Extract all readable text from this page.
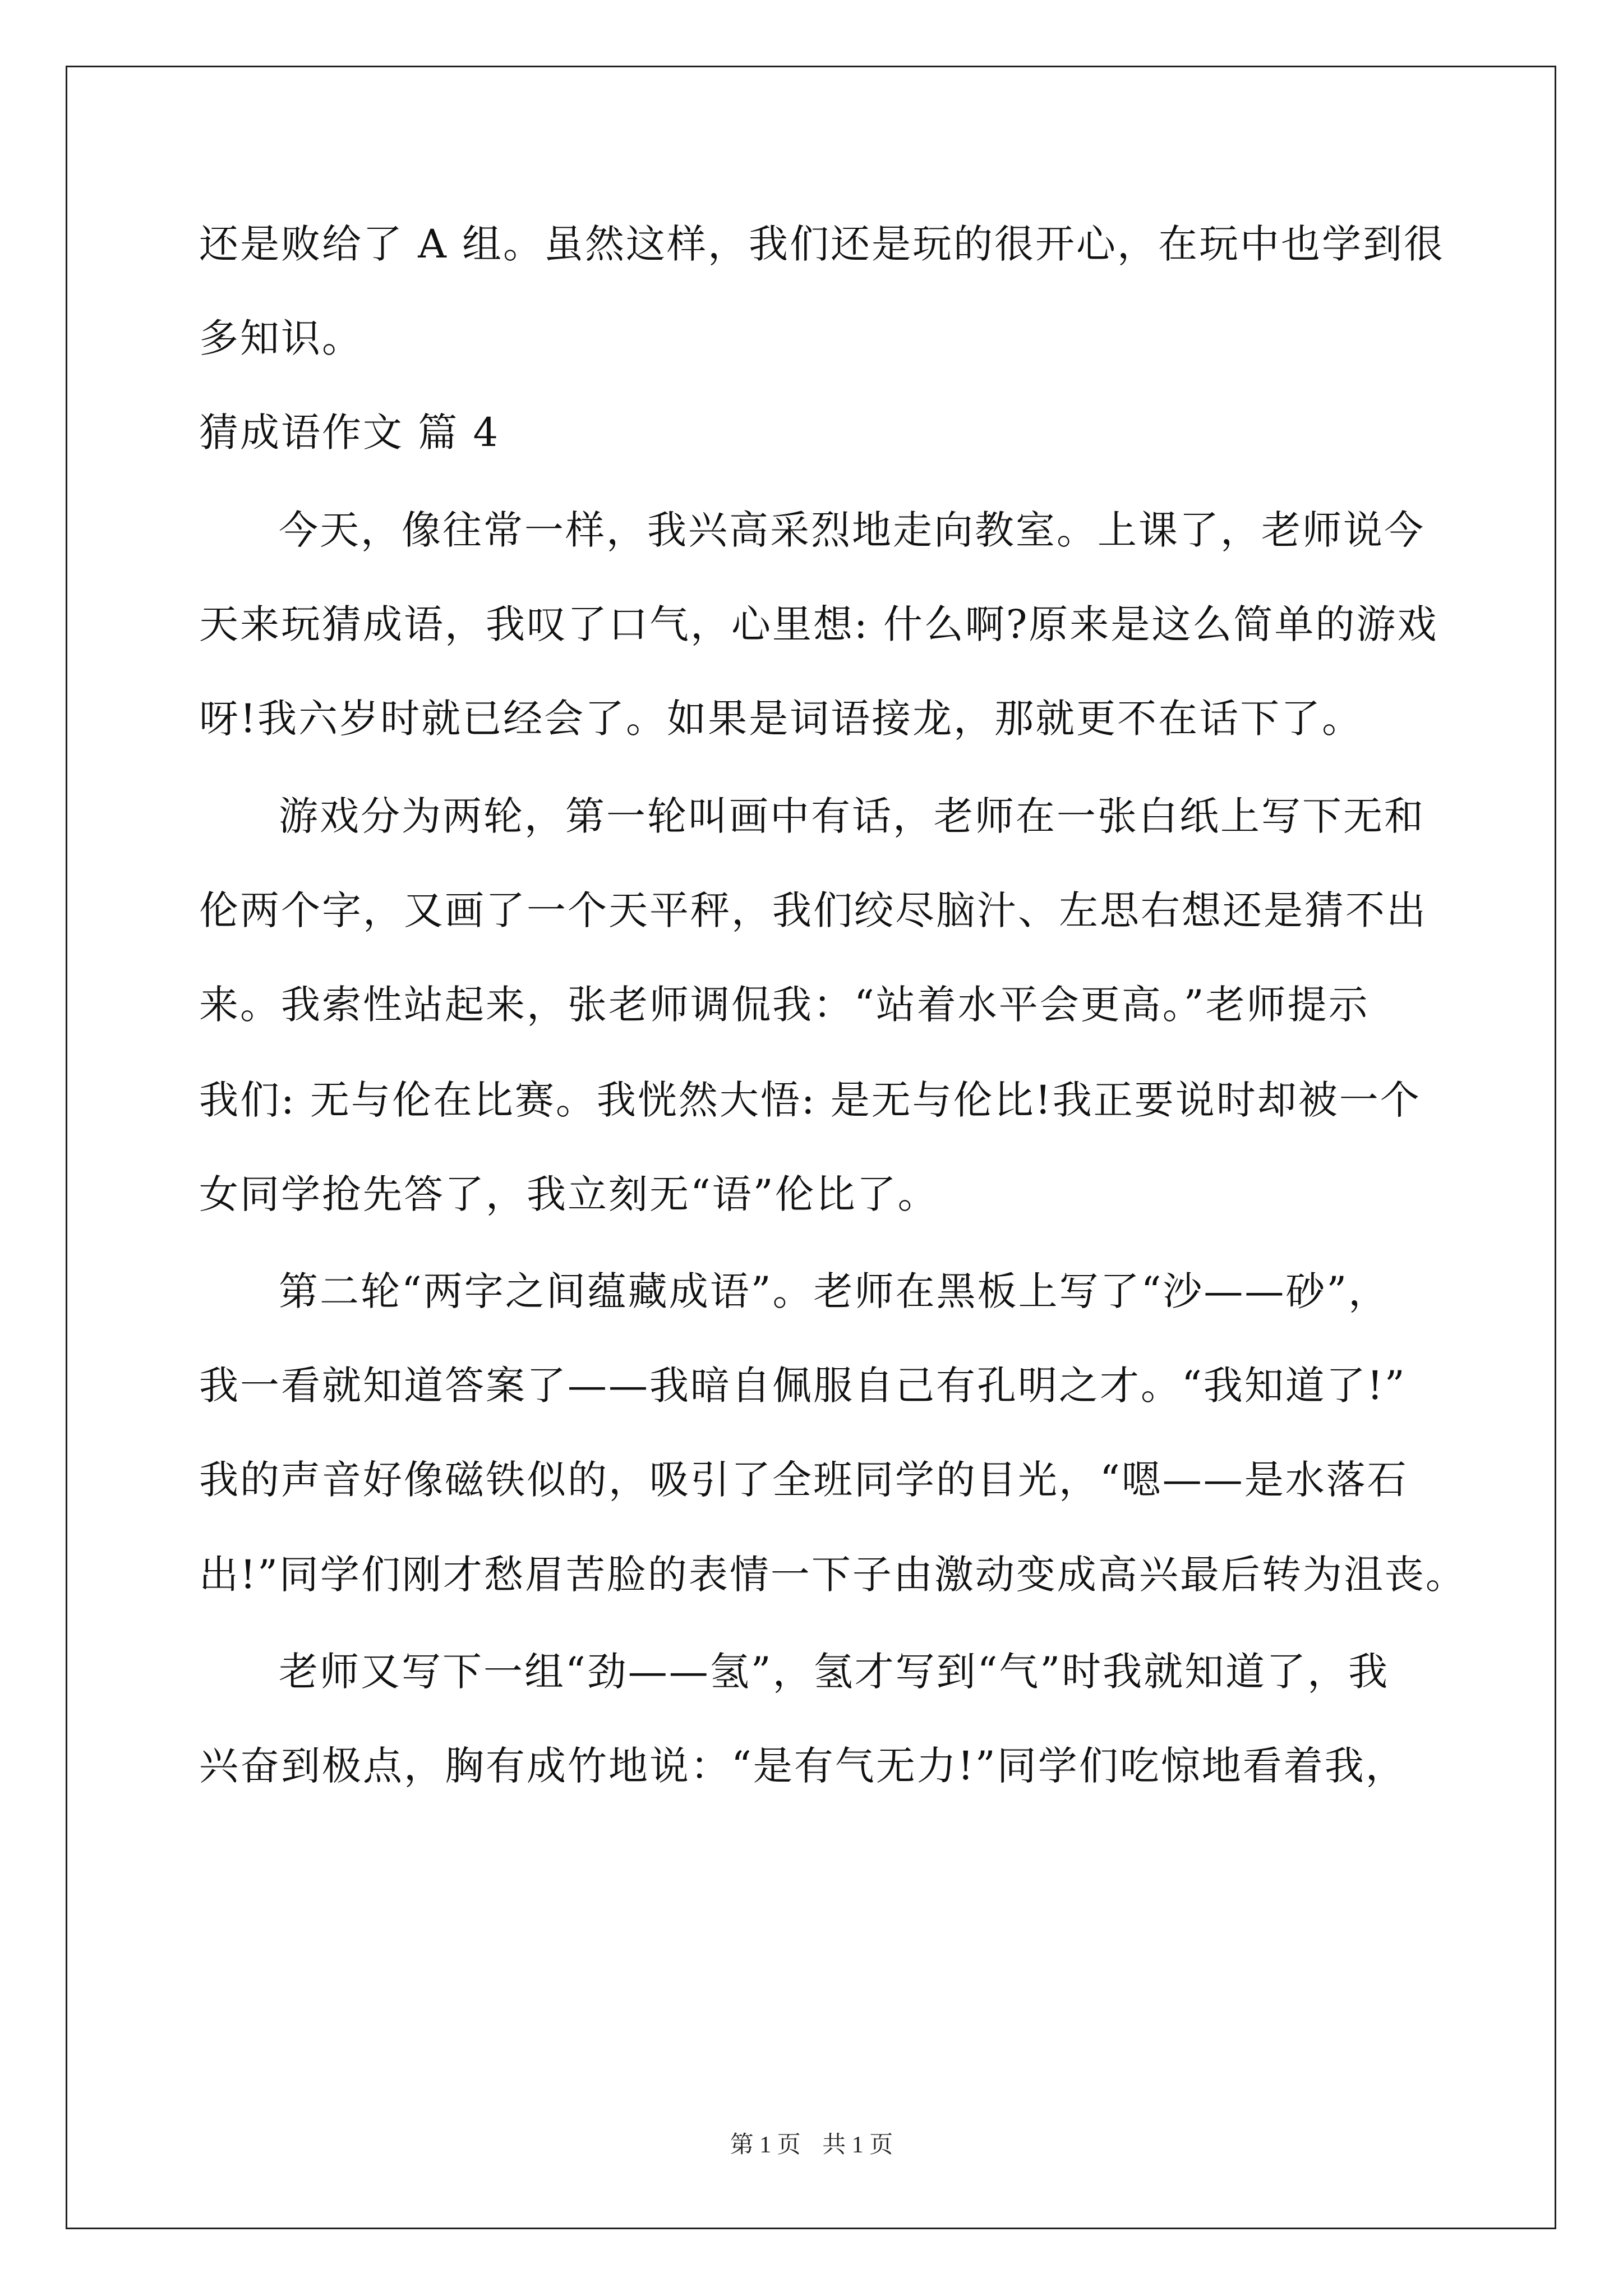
还是败给了 A 组。虽然这样，我们还是玩的很开心，在玩中也学到很
多知识。
猜成语作文 篇 4
今天，像往常一样，我兴高采烈地走向教室。上课了，老师说今
天来玩猜成语，我叹了口气，心里想: 什么啊?原来是这么简单的游戏
呀!我六岁时就已经会了。如果是词语接龙，那就更不在话下了。
游戏分为两轮，第一轮叫画中有话，老师在一张白纸上写下无和
伦两个字，又画了一个天平秤，我们绞尽脑汁、左思右想还是猜不出
来。我索性站起来，张老师调侃我：“站着水平会更高。”老师提示
我们: 无与伦在比赛。我恍然大悟: 是无与伦比!我正要说时却被一个
女同学抢先答了，我立刻无“语”伦比了。
第二轮“两字之间蕴藏成语”。老师在黑板上写了“沙——砂”，
我一看就知道答案了——我暗自佩服自己有孔明之才。“我知道了!”
我的声音好像磁铁似的，吸引了全班同学的目光，“嗯——是水落石
出!”同学们刚才愁眉苦脸的表情一下子由激动变成高兴最后转为沮丧。
老师又写下一组“劲——氢”，氢才写到“气”时我就知道了，我
兴奋到极点，胸有成竹地说：“是有气无力!”同学们吃惊地看着我，
第 1 页 共 1 页
